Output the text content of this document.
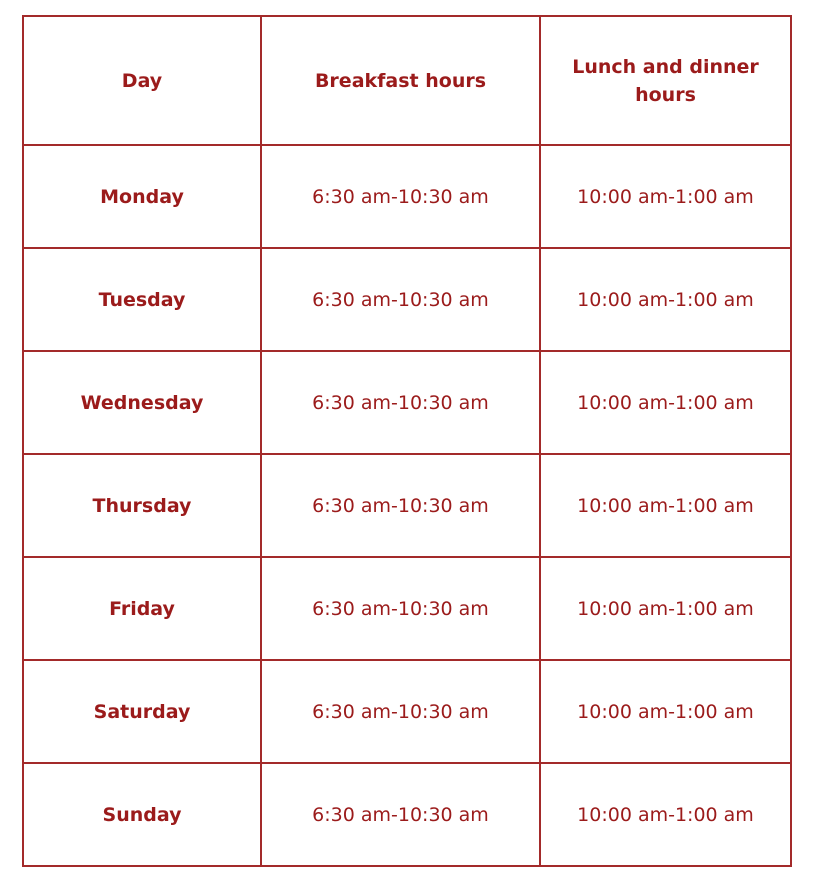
Day	Breakfast hours	Lunch and dinner hours
Monday	6:30 am-10:30 am	10:00 am-1:00 am
Tuesday	6:30 am-10:30 am	10:00 am-1:00 am
Wednesday	6:30 am-10:30 am	10:00 am-1:00 am
Thursday	6:30 am-10:30 am	10:00 am-1:00 am
Friday	6:30 am-10:30 am	10:00 am-1:00 am
Saturday	6:30 am-10:30 am	10:00 am-1:00 am
Sunday	6:30 am-10:30 am	10:00 am-1:00 am
